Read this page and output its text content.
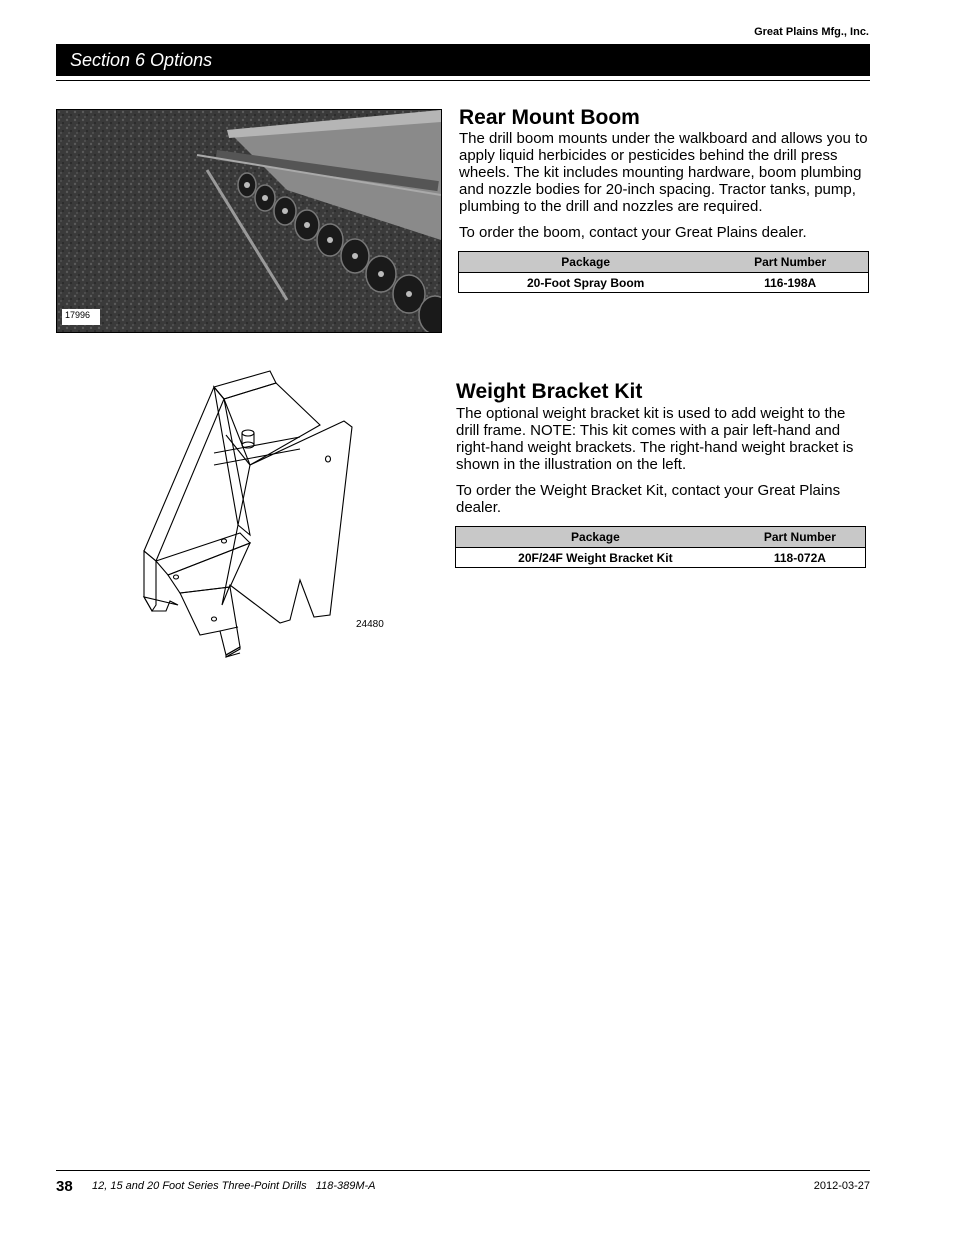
Great Plains Mfg., Inc.
Section 6 Options
17996
Rear Mount Boom

The drill boom mounts under the walkboard and allows you to apply liquid herbicides or pesticides behind the drill press wheels. The kit includes mounting hardware, boom plumbing and nozzle bodies for 20-inch spacing. Tractor tanks, pump, plumbing to the drill and nozzles are required.

To order the boom, contact your Great Plains dealer.

Package	Part Number
20-Foot Spray Boom	116-198A
24480
Weight Bracket Kit

The optional weight bracket kit is used to add weight to the drill frame. NOTE: This kit comes with a pair left-hand and right-hand weight brackets. The right-hand weight bracket is shown in the illustration on the left.

To order the Weight Bracket Kit, contact your Great Plains dealer.

Package	Part Number
20F/24F Weight Bracket Kit	118-072A
38 12, 15 and 20 Foot Series Three-Point Drills   118-389M-A	2012-03-27
